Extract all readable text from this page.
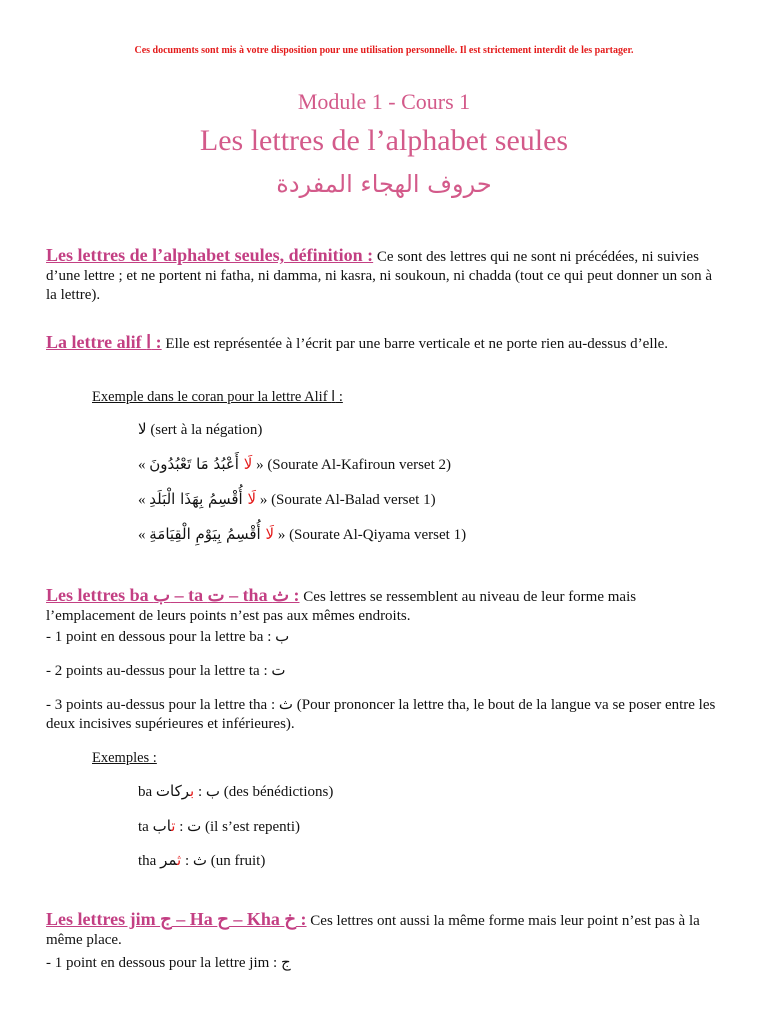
Ces documents sont mis à votre disposition pour une utilisation personnelle. Il est strictement interdit de les partager.
Module 1 - Cours 1
Les lettres de l’alphabet seules
حروف الهجاء المفردة
Les lettres de l’alphabet seules, définition : Ce sont des lettres qui ne sont ni précédées, ni suivies d’une lettre ; et ne portent ni fatha, ni damma, ni kasra, ni soukoun, ni chadda (tout ce qui peut donner un son à la lettre).
La lettre alif ا : Elle est représentée à l’écrit par une barre verticale et ne porte rien au-dessus d’elle.
Exemple dans le coran pour la lettre Alif ا :
لا (sert à la négation)
«	لَا أَعْبُدُ مَا تَعْبُدُونَ » (Sourate Al-Kafiroun verset 2)
«	لَا أُقْسِمُ بِهَذَا الْبَلَدِ » (Sourate Al-Balad verset 1)
«	لَا أُقْسِمُ بِيَوْمِ الْقِيَامَةِ » (Sourate Al-Qiyama verset 1)
Les lettres ba ب – ta ت – tha ث : Ces lettres se ressemblent au niveau de leur forme mais l’emplacement de leurs points n’est pas aux mêmes endroits.
- 1 point en dessous pour la lettre ba : ب
- 2 points au-dessus pour la lettre ta : ت
- 3 points au-dessus pour la lettre tha : ث (Pour prononcer la lettre tha, le bout de la langue va se poser entre les deux incisives supérieures et inférieures).
Exemples :
ba بركات : ب (des bénédictions)
ta تاب : ت (il s’est repenti)
tha ثمر : ث (un fruit)
Les lettres jim ج – Ha ح – Kha خ : Ces lettres ont aussi la même forme mais leur point n’est pas à la même place.
- 1 point en dessous pour la lettre jim : ج
